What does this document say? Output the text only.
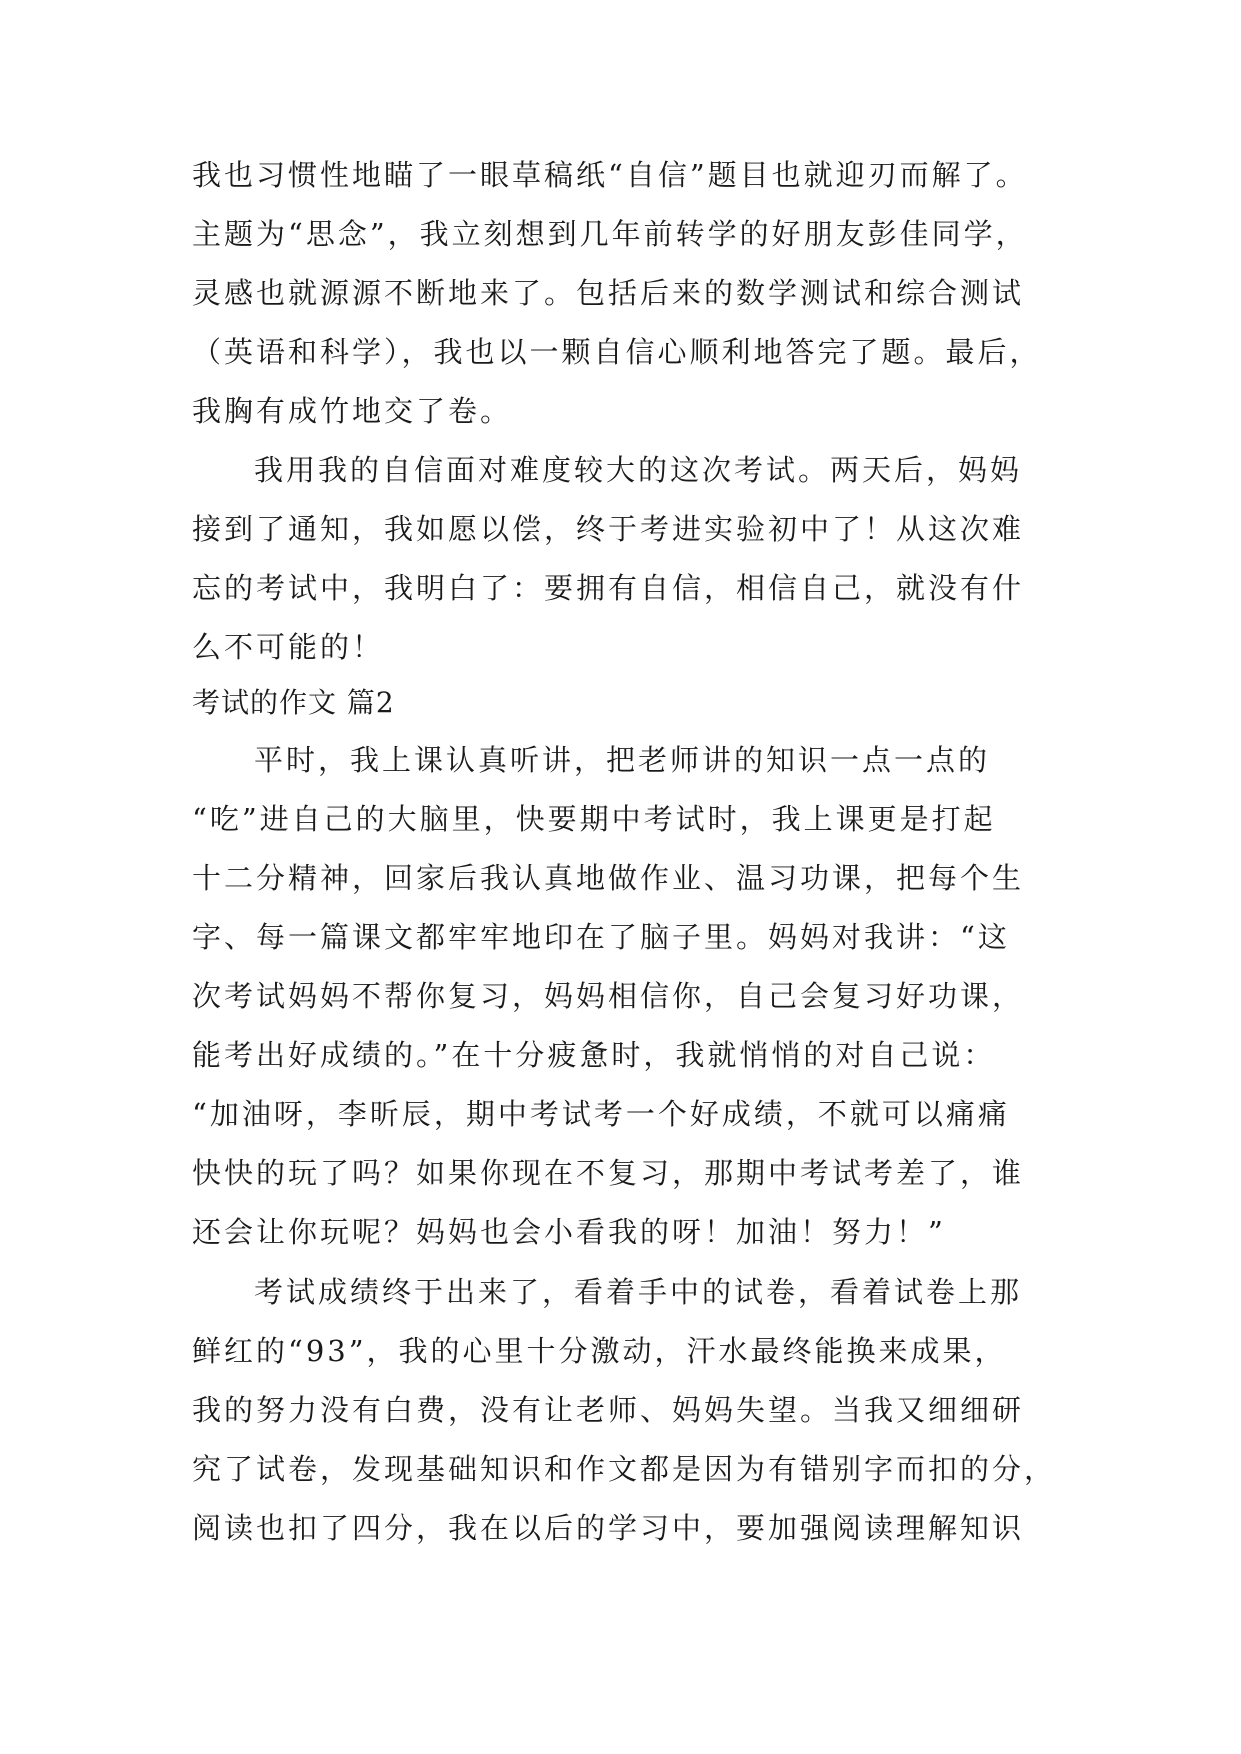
我也习惯性地瞄了一眼草稿纸“自信”题目也就迎刃而解了。
主题为“思念”，我立刻想到几年前转学的好朋友彭佳同学，
灵感也就源源不断地来了。包括后来的数学测试和综合测试
（英语和科学），我也以一颗自信心顺利地答完了题。最后，
我胸有成竹地交了卷。
我用我的自信面对难度较大的这次考试。两天后，妈妈
接到了通知，我如愿以偿，终于考进实验初中了！从这次难
忘的考试中，我明白了：要拥有自信，相信自己，就没有什
么不可能的！
考试的作文 篇2
平时，我上课认真听讲，把老师讲的知识一点一点的
“吃”进自己的大脑里，快要期中考试时，我上课更是打起
十二分精神，回家后我认真地做作业、温习功课，把每个生
字、每一篇课文都牢牢地印在了脑子里。妈妈对我讲：“这
次考试妈妈不帮你复习，妈妈相信你，自己会复习好功课，
能考出好成绩的。”在十分疲惫时，我就悄悄的对自己说：
“加油呀，李昕辰，期中考试考一个好成绩，不就可以痛痛
快快的玩了吗？如果你现在不复习，那期中考试考差了，谁
还会让你玩呢？妈妈也会小看我的呀！加油！努力！”
考试成绩终于出来了，看着手中的试卷，看着试卷上那
鲜红的“93”，我的心里十分激动，汗水最终能换来成果，
我的努力没有白费，没有让老师、妈妈失望。当我又细细研
究了试卷，发现基础知识和作文都是因为有错别字而扣的分，
阅读也扣了四分，我在以后的学习中，要加强阅读理解知识
